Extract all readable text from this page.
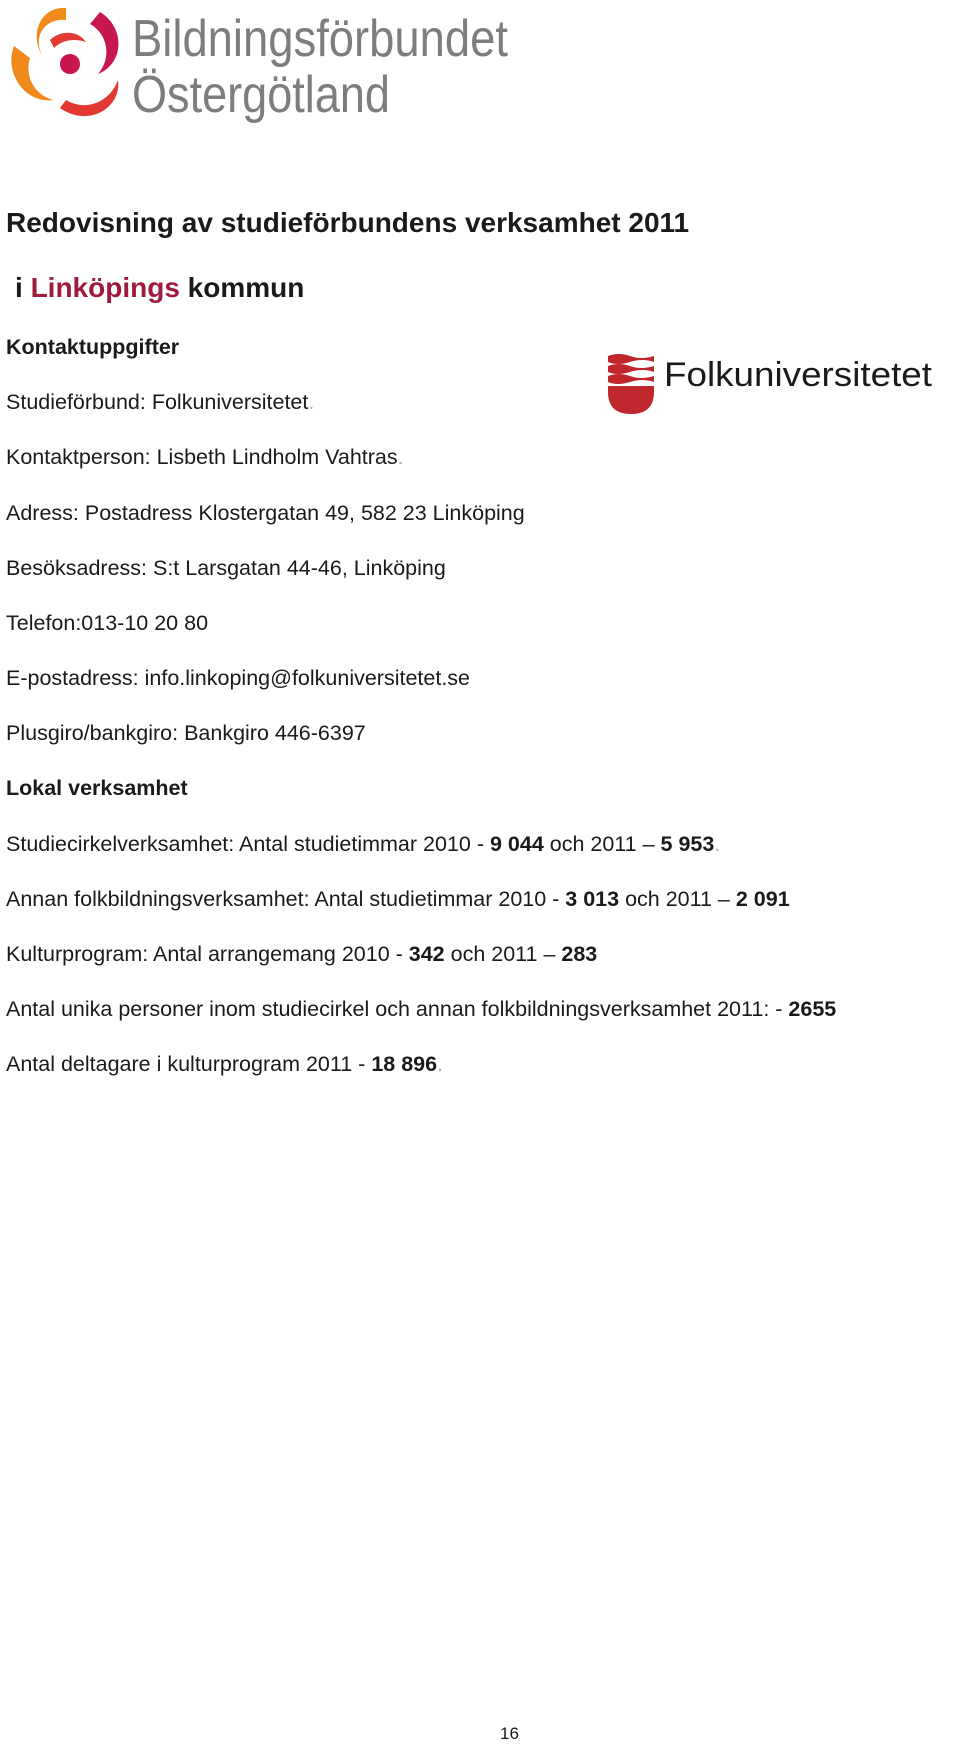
Bildningsförbundet
Östergötland
Redovisning av studieförbundens verksamhet 2011
i Linköpings kommun
Folkuniversitetet

Kontaktuppgifter

Studieförbund: Folkuniversitetet.

Kontaktperson: Lisbeth Lindholm Vahtras.

Adress: Postadress Klostergatan 49, 582 23 Linköping

Besöksadress: S:t Larsgatan 44-46, Linköping

Telefon:013-10 20 80

E-postadress: info.linkoping@folkuniversitetet.se

Plusgiro/bankgiro: Bankgiro 446-6397

Lokal verksamhet

Studiecirkelverksamhet: Antal studietimmar 2010 - 9 044 och 2011 – 5 953.

Annan folkbildningsverksamhet: Antal studietimmar 2010 - 3 013 och 2011 – 2 091

Kulturprogram: Antal arrangemang 2010 - 342 och 2011 – 283

Antal unika personer inom studiecirkel och annan folkbildningsverksamhet 2011: - 2655

Antal deltagare i kulturprogram 2011 - 18 896.

16
